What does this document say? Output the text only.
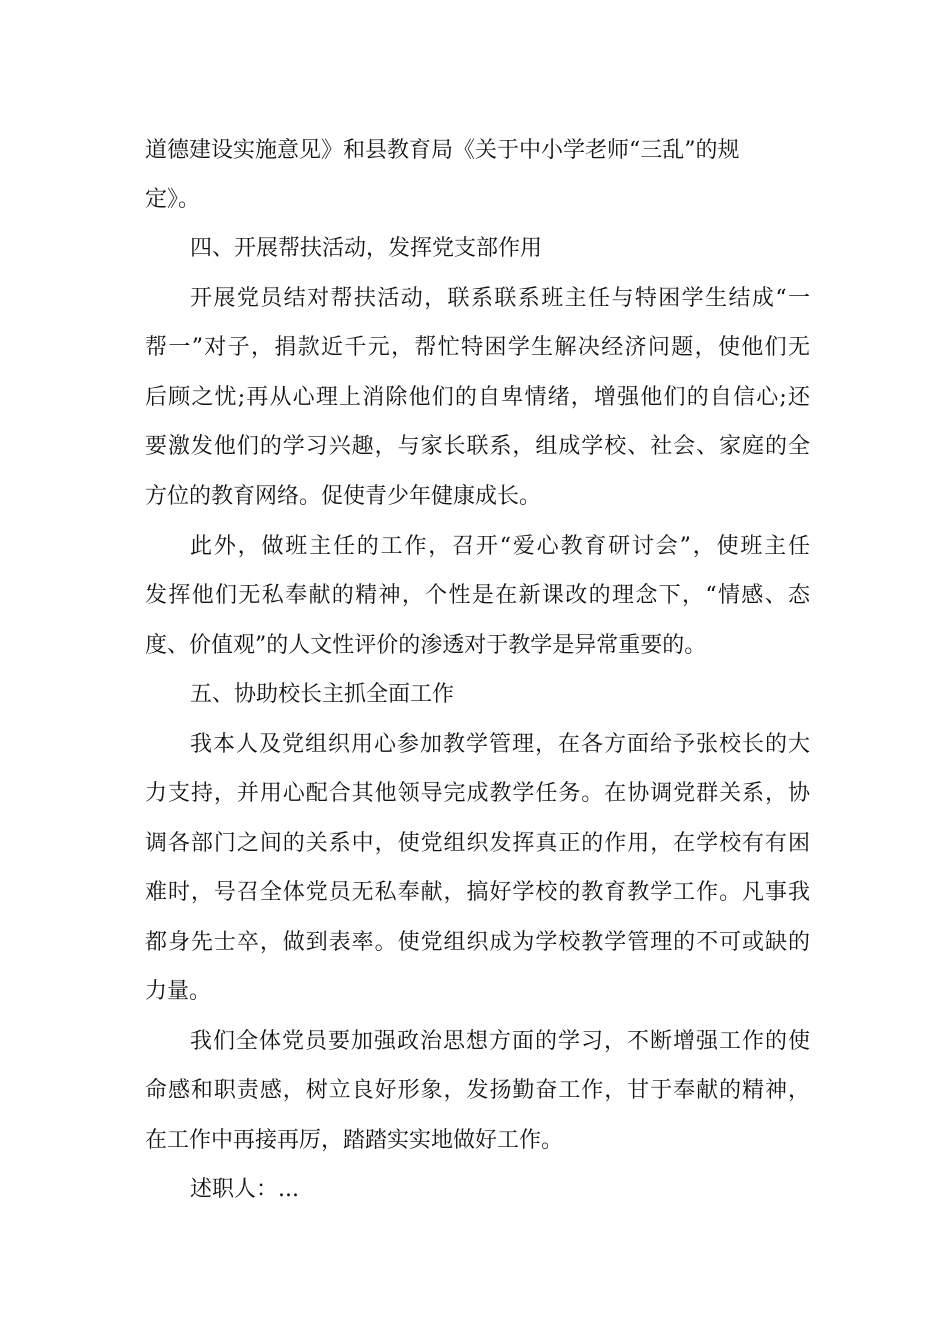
道德建设实施意见》和县教育局《关于中小学老师“三乱”的规
定》。
四、开展帮扶活动，发挥党支部作用
开展党员结对帮扶活动，联系联系班主任与特困学生结成“一
帮一”对子，捐款近千元，帮忙特困学生解决经济问题，使他们无
后顾之忧;再从心理上消除他们的自卑情绪，增强他们的自信心;还
要激发他们的学习兴趣，与家长联系，组成学校、社会、家庭的全
方位的教育网络。促使青少年健康成长。
此外，做班主任的工作，召开“爱心教育研讨会”，使班主任
发挥他们无私奉献的精神，个性是在新课改的理念下，“情感、态
度、价值观”的人文性评价的渗透对于教学是异常重要的。
五、协助校长主抓全面工作
我本人及党组织用心参加教学管理，在各方面给予张校长的大
力支持，并用心配合其他领导完成教学任务。在协调党群关系，协
调各部门之间的关系中，使党组织发挥真正的作用，在学校有有困
难时，号召全体党员无私奉献，搞好学校的教育教学工作。凡事我
都身先士卒，做到表率。使党组织成为学校教学管理的不可或缺的
力量。
我们全体党员要加强政治思想方面的学习，不断增强工作的使
命感和职责感，树立良好形象，发扬勤奋工作，甘于奉献的精神，
在工作中再接再厉，踏踏实实地做好工作。
述职人：...
